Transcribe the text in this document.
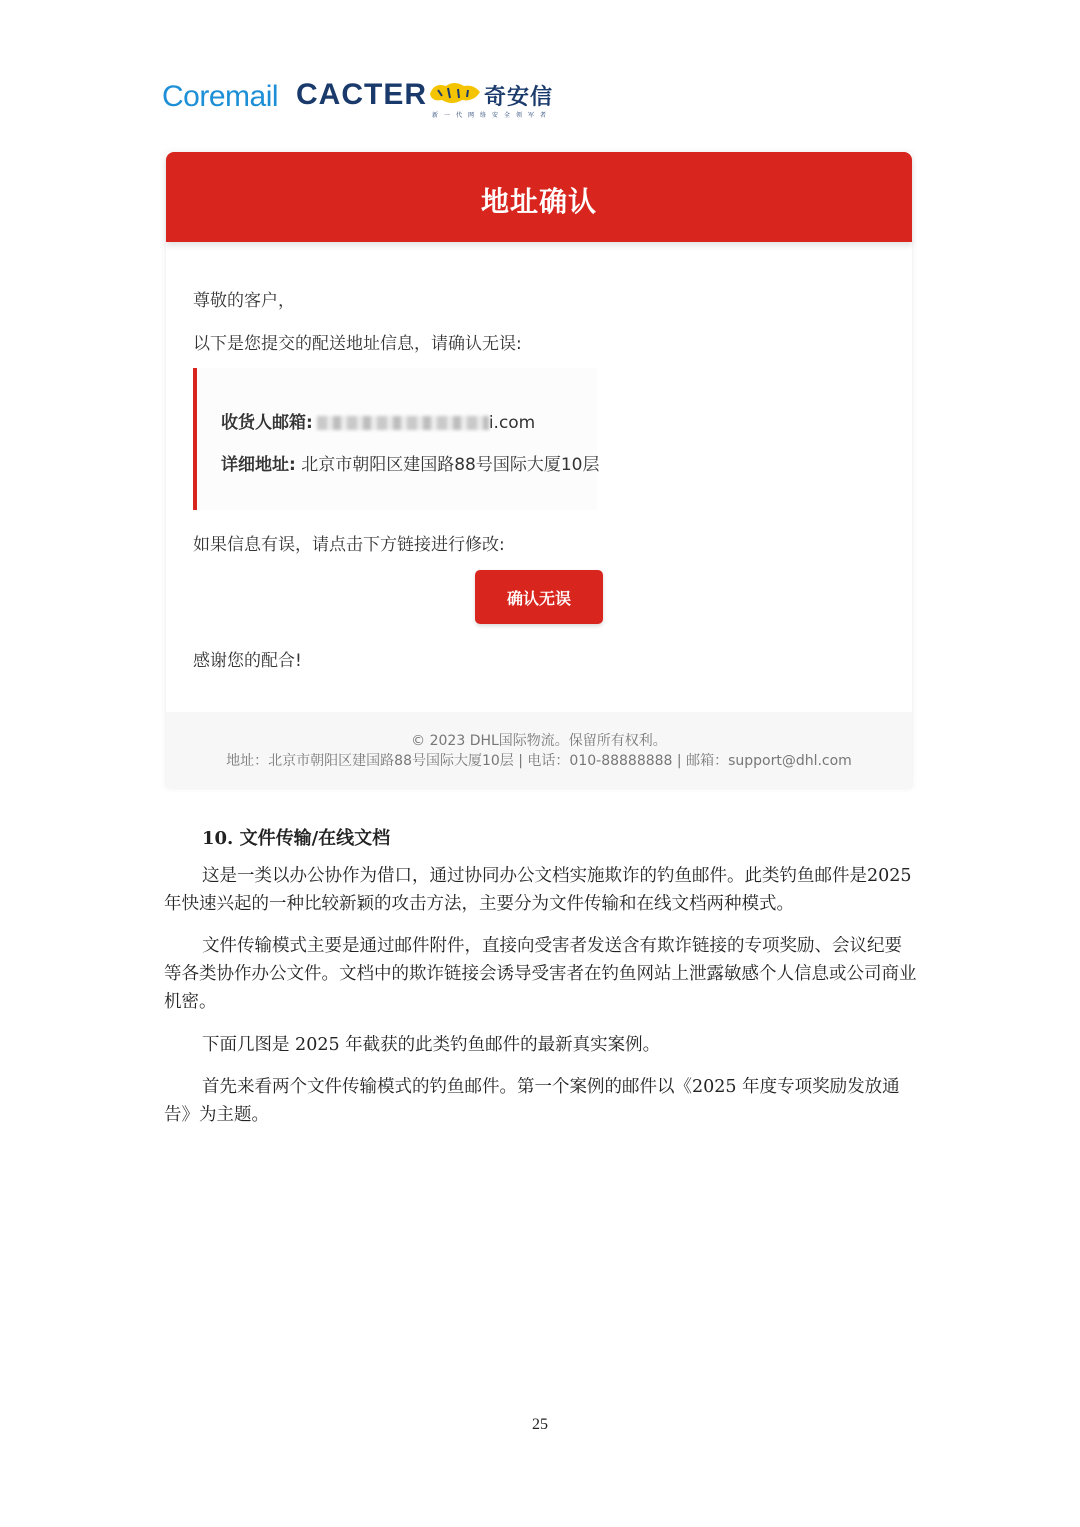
Coremail CACTER	奇安信
新一代网络安全领军者
地址确认
尊敬的客户，
以下是您提交的配送地址信息，请确认无误:
收货人邮箱:	i.com
详细地址: 北京市朝阳区建国路88号国际大厦10层
如果信息有误，请点击下方链接进行修改:
确认无误
感谢您的配合!
© 2023 DHL国际物流。保留所有权利。
地址：北京市朝阳区建国路88号国际大厦10层 | 电话：010-88888888 | 邮箱：support@dhl.com
10. 文件传输/在线文档

这是一类以办公协作为借口，通过协同办公文档实施欺诈的钓鱼邮件。此类钓鱼邮件是2025 年快速兴起的一种比较新颖的攻击方法，主要分为文件传输和在线文档两种模式。

文件传输模式主要是通过邮件附件，直接向受害者发送含有欺诈链接的专项奖励、会议纪要等各类协作办公文件。文档中的欺诈链接会诱导受害者在钓鱼网站上泄露敏感个人信息或公司商业机密。

下面几图是 2025 年截获的此类钓鱼邮件的最新真实案例。

首先来看两个文件传输模式的钓鱼邮件。第一个案例的邮件以《2025 年度专项奖励发放通告》为主题。

25
